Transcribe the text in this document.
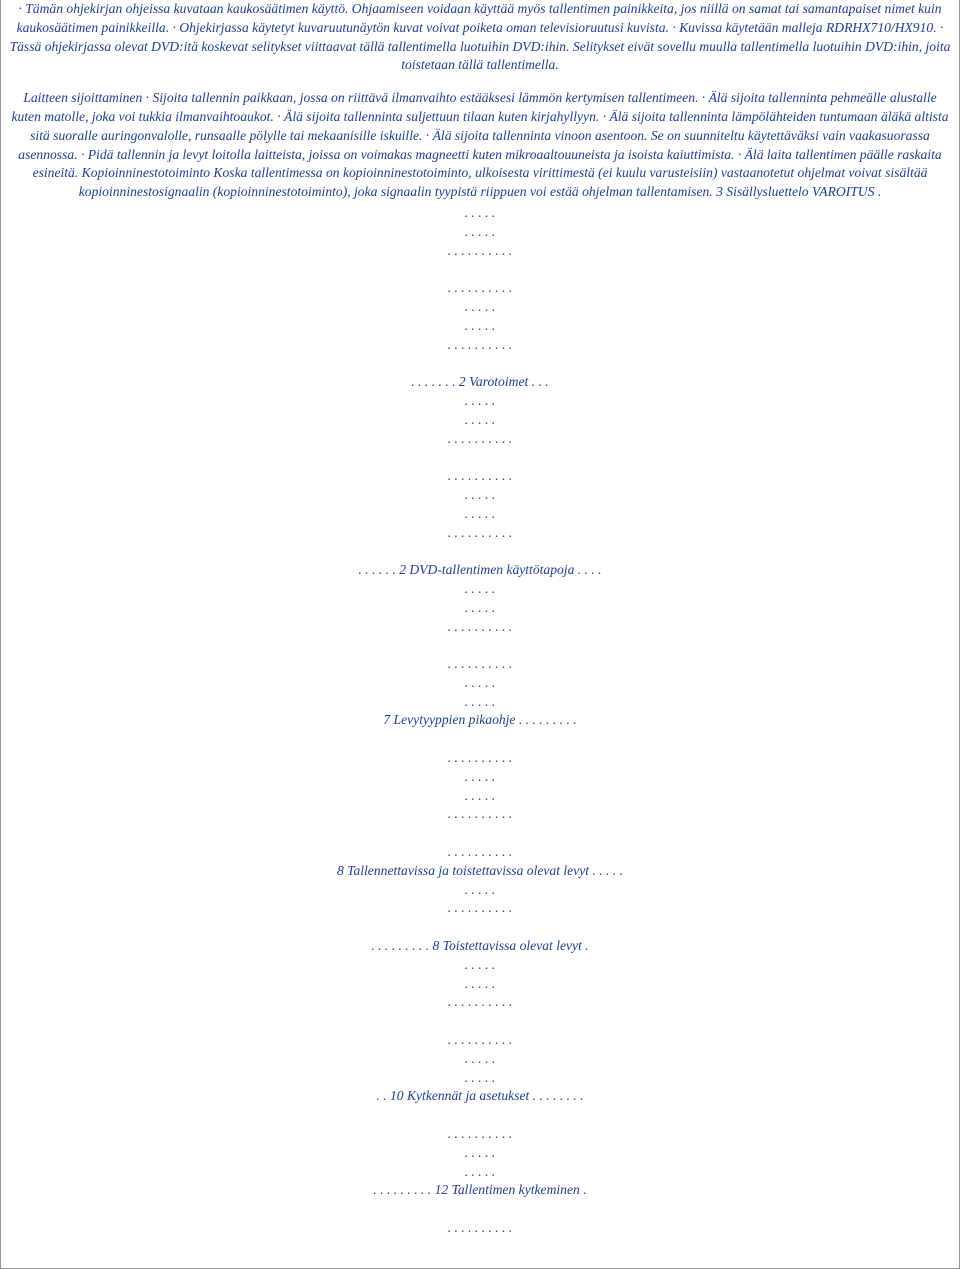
· Tämän ohjekirjan ohjeissa kuvataan kaukosäätimen käyttö. Ohjaamiseen voidaan käyttää myös tallentimen painikkeita, jos niillä on samat tai samantapaiset nimet kuin kaukosäätimen painikkeilla. · Ohjekirjassa käytetyt kuvaruutunäytön kuvat voivat poiketa oman televisioruutusi kuvista. · Kuvissa käytetään malleja RDRHX710/HX910. · Tässä ohjekirjassa olevat DVD:itä koskevat selitykset viittaavat tällä tallentimella luotuihin DVD:ihin. Selitykset eivät sovellu muulla tallentimella luotuihin DVD:ihin, joita toistetaan tällä tallentimella.

Laitteen sijoittaminen · Sijoita tallennin paikkaan, jossa on riittävä ilmanvaihto estääksesi lämmön kertymisen tallentimeen. · Älä sijoita tallenninta pehmeälle alustalle kuten matolle, joka voi tukkia ilmanvaihtoaukot. · Älä sijoita tallenninta suljettuun tilaan kuten kirjahyllyyn. · Älä sijoita tallenninta lämpölähteiden tuntumaan äläkä altista sitä suoralle auringonvalolle, runsaalle pölylle tai mekaanisille iskuille. · Älä sijoita tallenninta vinoon asentoon. Se on suunniteltu käytettäväksi vain vaakasuorassa asennossa. · Pidä tallennin ja levyt loitolla laitteista, joissa on voimakas magneetti kuten mikroaaltouuneista ja isoista kaiuttimista. · Älä laita tallentimen päälle raskaita esineitä. Kopioinninestotoiminto Koska tallentimessa on kopioinninestotoiminto, ulkoisesta virittimestä (ei kuulu varusteisiin) vastaanotetut ohjelmat voivat sisältää kopioinninestosignaalin (kopioinninestotoiminto), joka signaalin tyypistä riippuen voi estää ohjelman tallentamisen. 3 Sisällysluettelo VAROITUS .

. . . . .
. . . . .
. . . . . . . . . .
. . . . . . . . . .
. . . . .
. . . . .
. . . . . . . . . .
. . . . . . . 2 Varotoimet . . .
. . . . .
. . . . .
. . . . . . . . . .
. . . . . . . . . .
. . . . .
. . . . .
. . . . . . . . . .
. . . . . . 2 DVD-tallentimen käyttötapoja . . . .
. . . . .
. . . . .
. . . . . . . . . .
. . . . . . . . . .
. . . . .
. . . . .
7 Levytyyppien pikaohje . . . . . . . . .
. . . . . . . . . .
. . . . .
. . . . .
. . . . . . . . . .
. . . . . . . . . .
8 Tallennettavissa ja toistettavissa olevat levyt . . . . .
. . . . .
. . . . . . . . . .
. . . . . . . . . 8 Toistettavissa olevat levyt .
. . . . .
. . . . .
. . . . . . . . . .
. . . . . . . . . .
. . . . .
. . . . .
. . 10 Kytkennät ja asetukset . . . . . . . .
. . . . . . . . . .
. . . . .
. . . . .
. . . . . . . . . 12 Tallentimen kytkeminen .
. . . . . . . . . .
